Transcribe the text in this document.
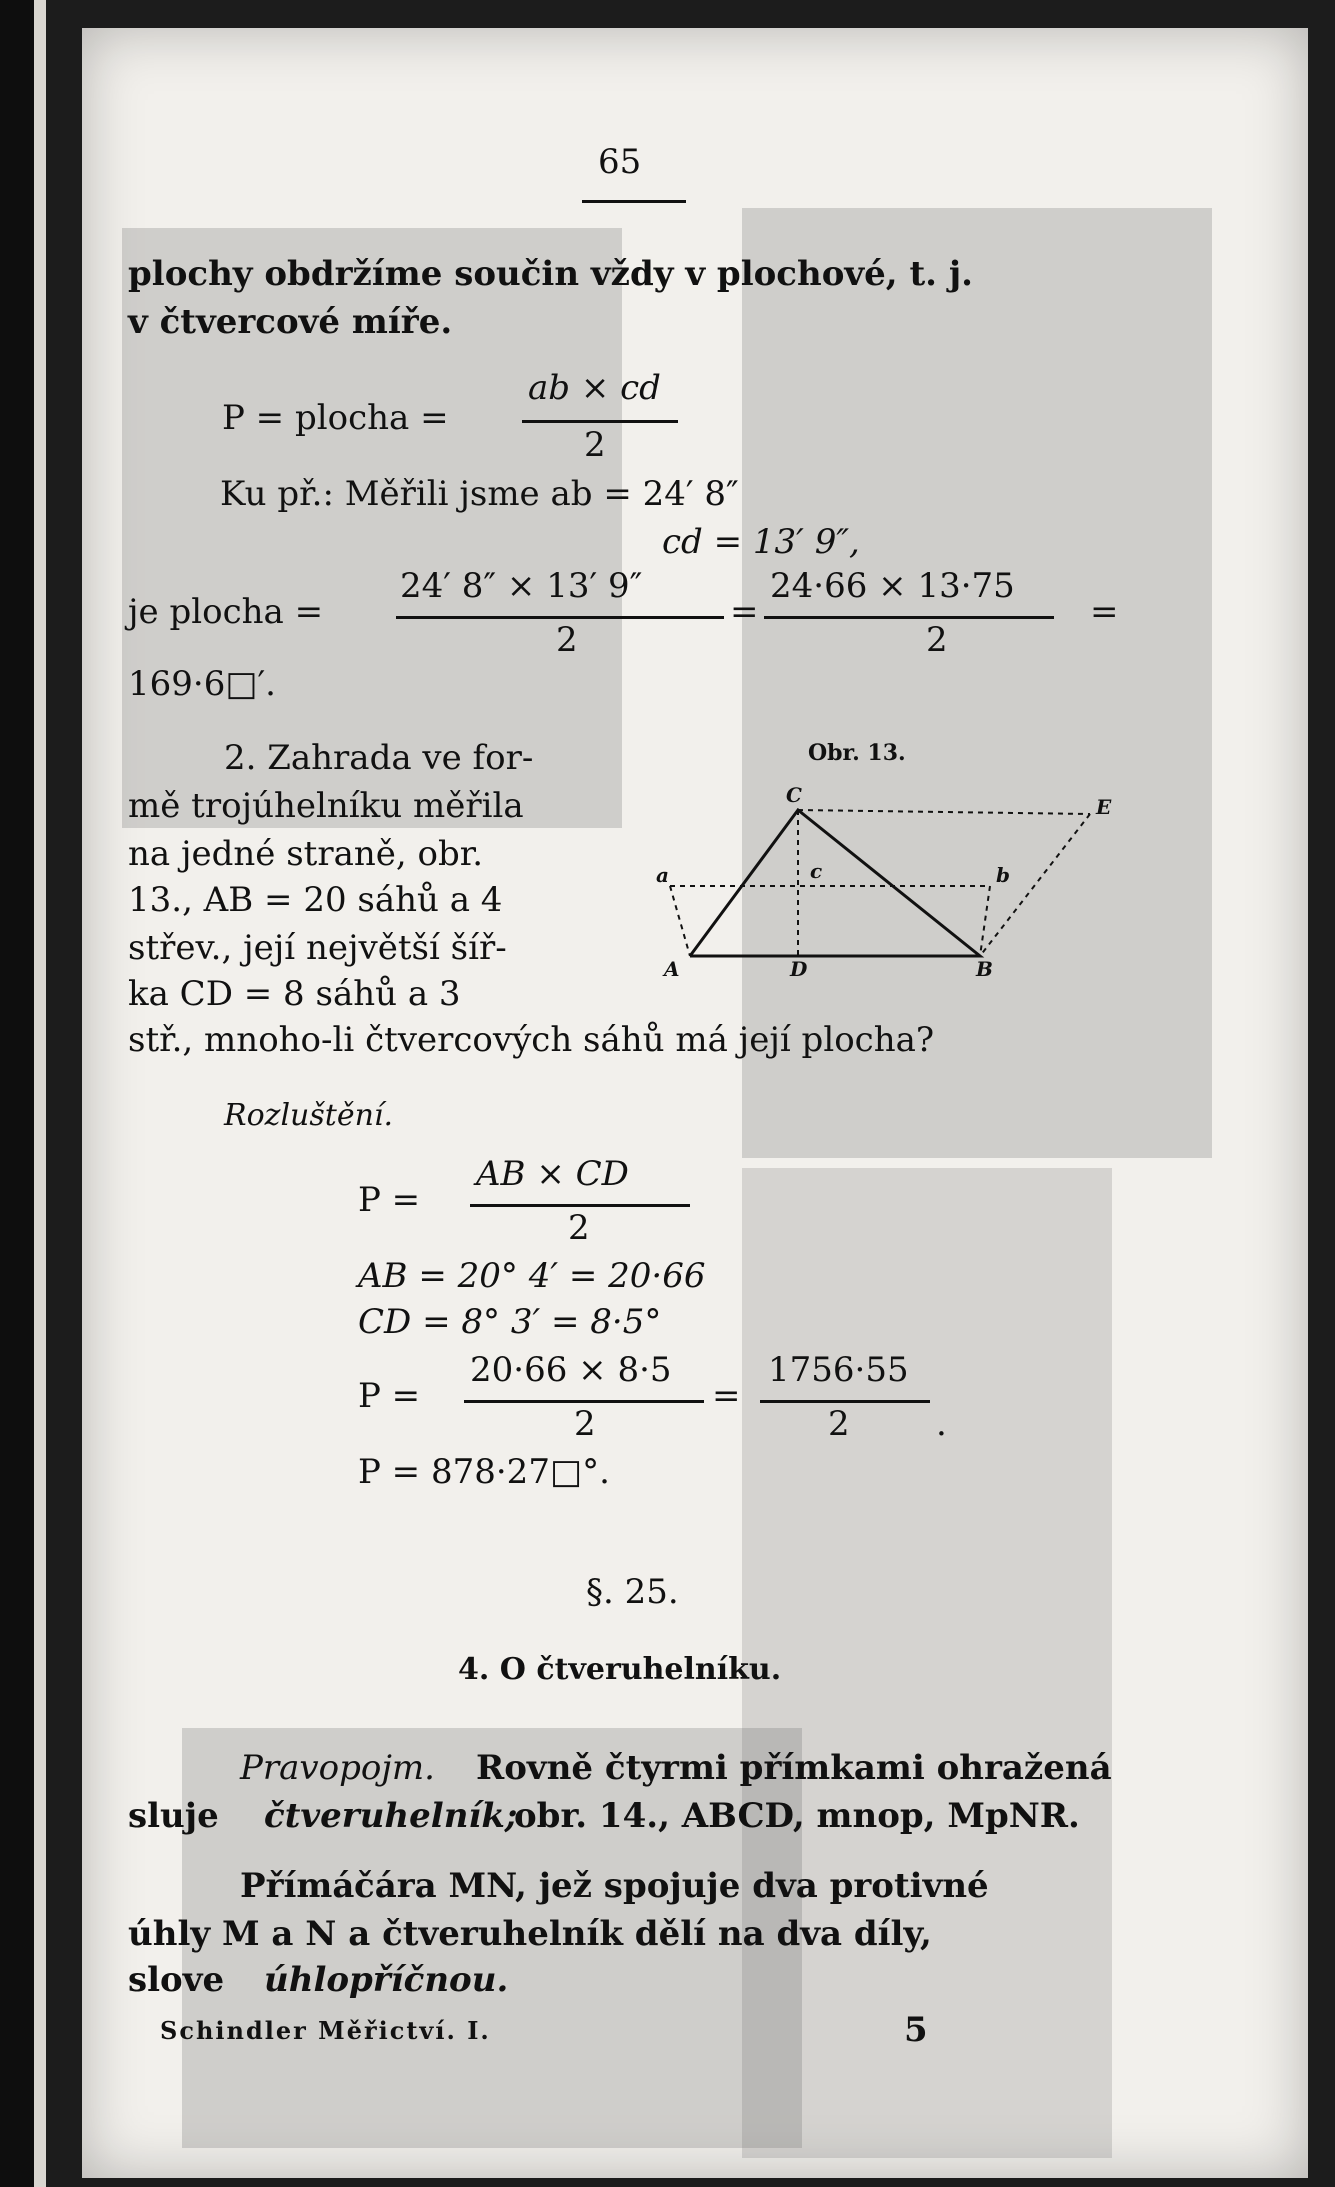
65
plochy obdržíme součin vždy v plochové, t. j.
v čtvercové míře.
P = plocha =
ab × cd
2
Ku př.: Měřili jsme ab = 24′ 8″
cd = 13′ 9″,
je plocha =
24′ 8″ × 13′ 9″
2
=
24·66 × 13·75
2
=
169·6□′.
2. Zahrada ve for-
mě trojúhelníku měřila
na jedné straně, obr.
13., AB = 20 sáhů a 4
střev., její největší šíř-
ka CD = 8 sáhů a 3
stř., mnoho-li čtvercových sáhů má její plocha?
Obr. 13.
C	E
a	c	b
A	D	B
Rozluštění.
P =
AB × CD
2
AB = 20° 4′ = 20·66
CD = 8° 3′ = 8·5°
P =
20·66 × 8·5
2
=
1756·55
2	.
P = 878·27□°.
§. 25.
4. O čtveruhelníku.
Pravopojm. Rovně čtyrmi přímkami ohražená
sluje čtveruhelník;
obr. 14., ABCD, mnop, MpNR.
Přímá čára MN, jež spojuje dva protivné
úhly M a N a čtveruhelník dělí na dva díly,
slove úhlopříčnou.
Schindler Měřictví. I.	5
